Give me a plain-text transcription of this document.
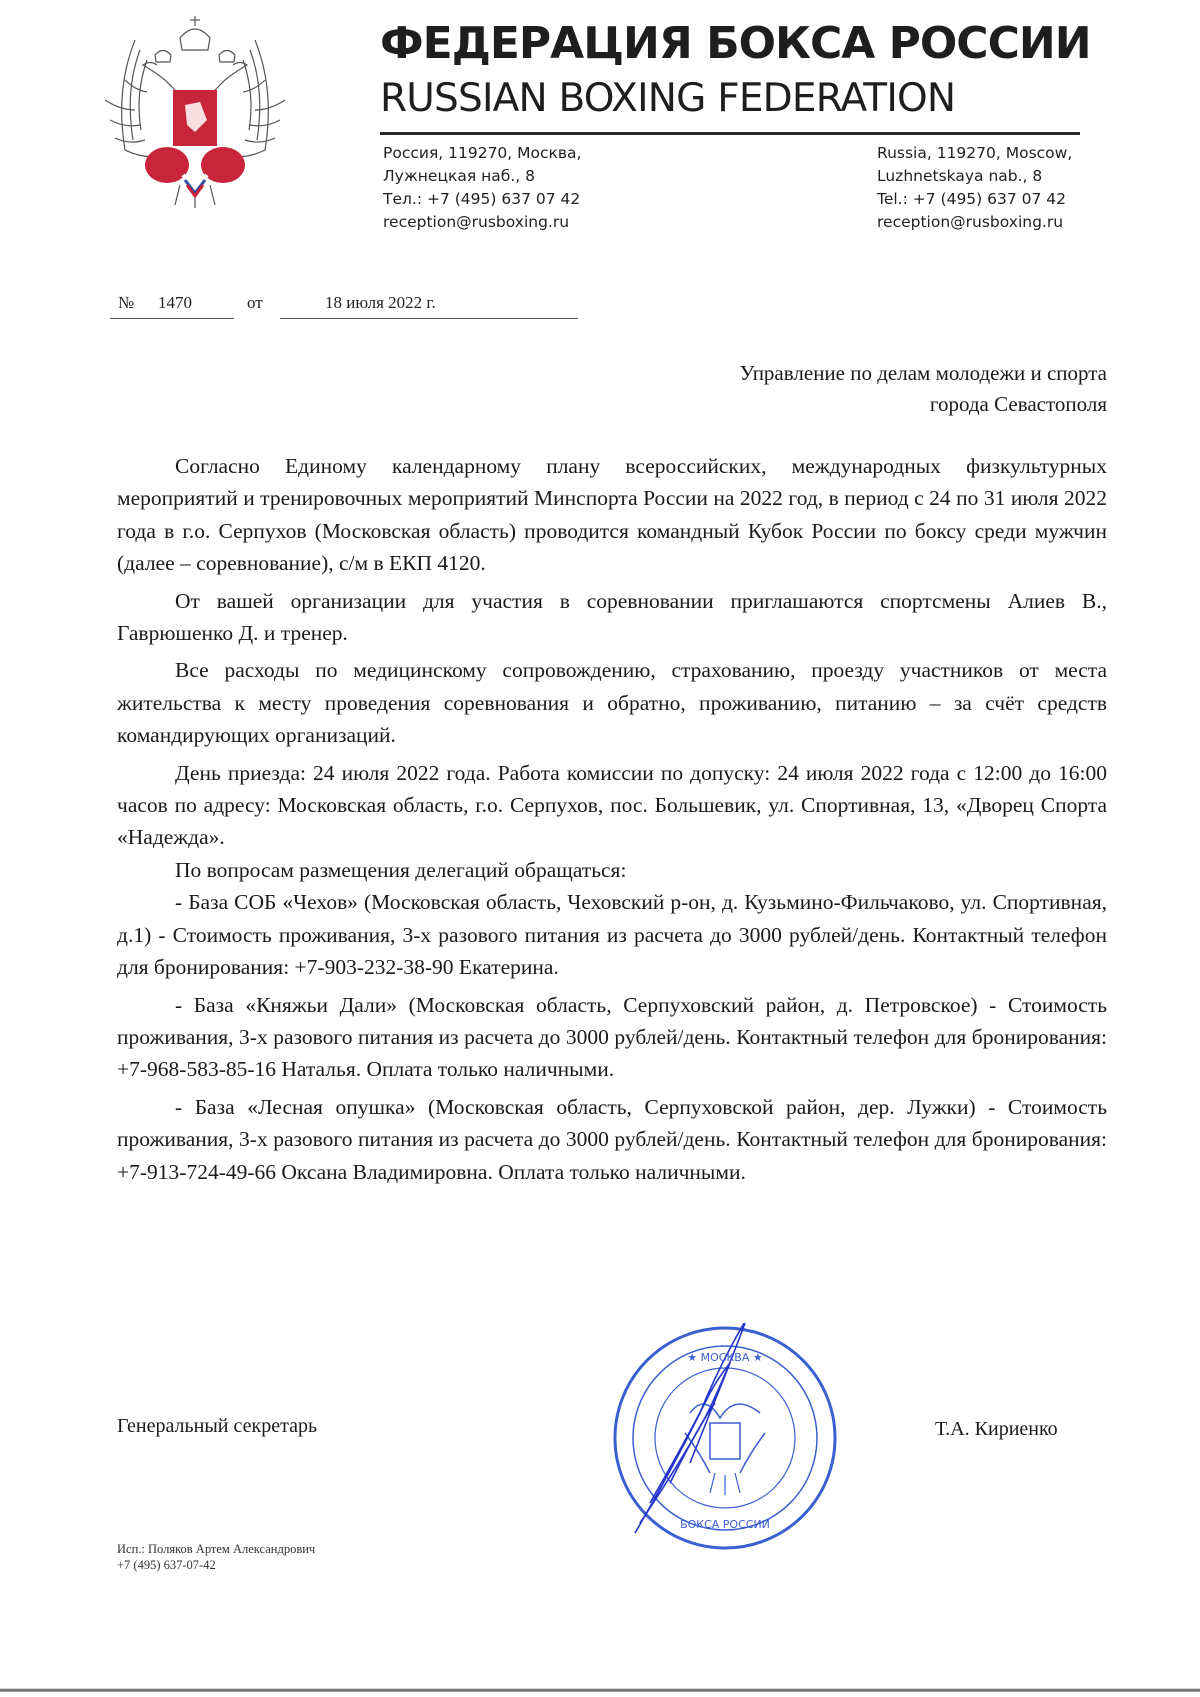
ФЕДЕРАЦИЯ БОКСА РОССИИ
RUSSIAN BOXING FEDERATION
Россия, 119270, Москва,
Лужнецкая наб., 8
Тел.: +7 (495) 637 07 42
reception@rusboxing.ru
Russia, 119270, Moscow,
Luzhnetskaya nab., 8
Tel.: +7 (495) 637 07 42
reception@rusboxing.ru
№ 1470	от	18 июля 2022 г.
Управление по делам молодежи и спорта
города Севастополя

Согласно Единому календарному плану всероссийских, международных физкультурных мероприятий и тренировочных мероприятий Минспорта России на 2022 год, в период с 24 по 31 июля 2022 года в г.о. Серпухов (Московская область) проводится командный Кубок России по боксу среди мужчин (далее – соревнование), с/м в ЕКП 4120.

От вашей организации для участия в соревновании приглашаются спортсмены Алиев В., Гаврюшенко Д. и тренер.

Все расходы по медицинскому сопровождению, страхованию, проезду участников от места жительства к месту проведения соревнования и обратно, проживанию, питанию – за счёт средств командирующих организаций.

День приезда: 24 июля 2022 года. Работа комиссии по допуску: 24 июля 2022 года с 12:00 до 16:00 часов по адресу: Московская область, г.о. Серпухов, пос. Большевик, ул. Спортивная, 13, «Дворец Спорта «Надежда».

По вопросам размещения делегаций обращаться:

- База СОБ «Чехов» (Московская область, Чеховский р-он, д. Кузьмино-Фильчаково, ул. Спортивная, д.1) - Стоимость проживания, 3-х разового питания из расчета до 3000 рублей/день. Контактный телефон для бронирования: +7-903-232-38-90 Екатерина.

- База «Княжьи Дали» (Московская область, Серпуховский район, д. Петровское) - Стоимость проживания, 3-х разового питания из расчета до 3000 рублей/день. Контактный телефон для бронирования: +7-968-583-85-16 Наталья. Оплата только наличными.

- База «Лесная опушка» (Московская область, Серпуховской район, дер. Лужки) - Стоимость проживания, 3-х разового питания из расчета до 3000 рублей/день. Контактный телефон для бронирования: +7-913-724-49-66 Оксана Владимировна. Оплата только наличными.

Генеральный секретарь
★ МОСКВА ★
БОКСА РОССИИ
Т.А. Кириенко
Исп.: Поляков Артем Александрович
+7 (495) 637-07-42
